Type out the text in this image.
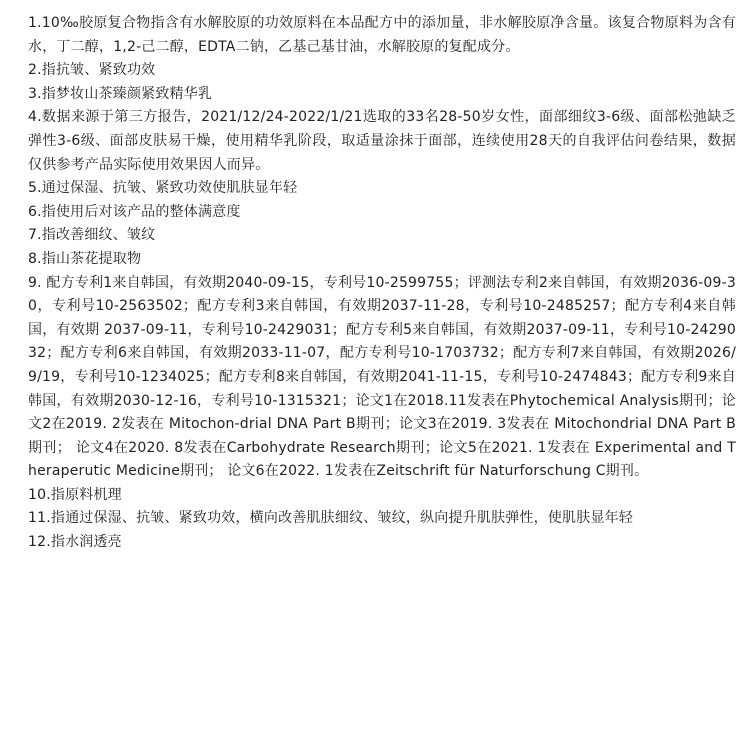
1.10‰胶原复合物指含有水解胶原的功效原料在本品配方中的添加量，非水解胶原净含量。该复合物原料为含有水，丁二醇，1,2-己二醇，EDTA二钠，乙基己基甘油，水解胶原的复配成分。

2.指抗皱、紧致功效

3.指梦妆山茶臻颜紧致精华乳

4.数据来源于第三方报告，2021/12/24-2022/1/21选取的33名28-50岁女性，面部细纹3-6级、面部松弛缺乏弹性3-6级、面部皮肤易干燥，使用精华乳阶段，取适量涂抹于面部，连续使用28天的自我评估问卷结果，数据仅供参考产品实际使用效果因人而异。

5.通过保湿、抗皱、紧致功效使肌肤显年轻

6.指使用后对该产品的整体满意度

7.指改善细纹、皱纹

8.指山茶花提取物

9. 配方专利1来自韩国，有效期2040-09-15，专利号10-2599755；评测法专利2来自韩国，有效期2036-09-30，专利号10-2563502；配方专利3来自韩国，有效期2037-11-28，专利号10-2485257；配方专利4来自韩国，有效期 2037-09-11，专利号10-2429031；配方专利5来自韩国，有效期2037-09-11，专利号10-2429032；配方专利6来自韩国，有效期2033-11-07，配方专利号10-1703732；配方专利7来自韩国，有效期2026/9/19，专利号10-1234025；配方专利8来自韩国，有效期2041-11-15，专利号10-2474843；配方专利9来自韩国，有效期2030-12-16，专利号10-1315321；论文1在2018.11发表在Phytochemical Analysis期刊；论文2在2019. 2发表在 Mitochon-drial DNA Part B期刊；论文3在2019. 3发表在 Mitochondrial DNA Part B期刊； 论文4在2020. 8发表在Carbohydrate Research期刊；论文5在2021. 1发表在 Experimental and Theraperutic Medicine期刊； 论文6在2022. 1发表在Zeitschrift für Naturforschung C期刊。

10.指原料机理

11.指通过保湿、抗皱、紧致功效，横向改善肌肤细纹、皱纹，纵向提升肌肤弹性，使肌肤显年轻

12.指水润透亮
